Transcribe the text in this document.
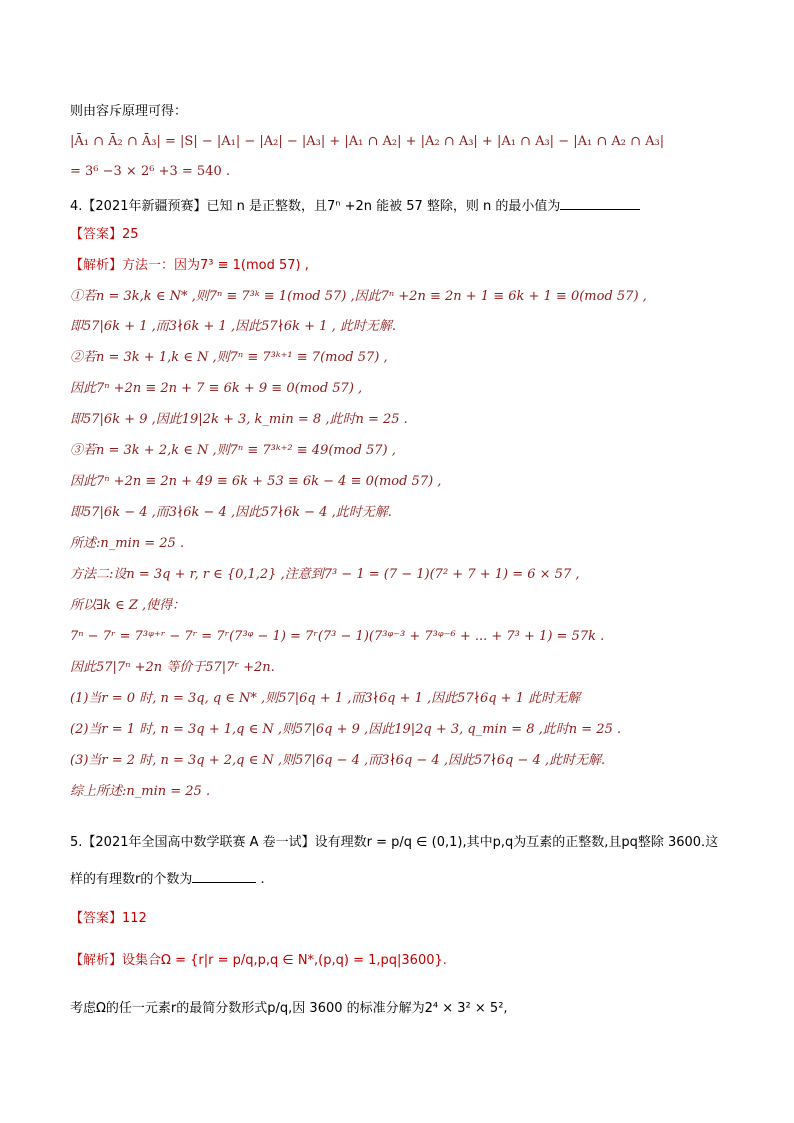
则由容斥原理可得：
|Ā₁ ∩ Ā₂ ∩ Ā₃| = |S| − |A₁| − |A₂| − |A₃| + |A₁ ∩ A₂| + |A₂ ∩ A₃| + |A₁ ∩ A₃| − |A₁ ∩ A₂ ∩ A₃|
= 3⁶ −3 × 2⁶ +3 = 540 .
4.【2021年新疆预赛】已知 n 是正整数，且7ⁿ +2n 能被 57 整除，则 n 的最小值为
【答案】25
【解析】方法一：因为7³ ≡ 1(mod 57) ,
①若n = 3k,k ∈ N* ,则7ⁿ ≡ 7³ᵏ ≡ 1(mod 57) ,因此7ⁿ +2n ≡ 2n + 1 ≡ 6k + 1 ≡ 0(mod 57) ,
即57|6k + 1 ,而3∤6k + 1 ,因此57∤6k + 1 , 此时无解.
②若n = 3k + 1,k ∈ N ,则7ⁿ ≡ 7³ᵏ⁺¹ ≡ 7(mod 57) ,
因此7ⁿ +2n ≡ 2n + 7 ≡ 6k + 9 ≡ 0(mod 57) ,
即57|6k + 9 ,因此19|2k + 3, k_min = 8 ,此时n = 25 .
③若n = 3k + 2,k ∈ N ,则7ⁿ ≡ 7³ᵏ⁺² ≡ 49(mod 57) ,
因此7ⁿ +2n ≡ 2n + 49 ≡ 6k + 53 ≡ 6k − 4 ≡ 0(mod 57) ,
即57|6k − 4 ,而3∤6k − 4 ,因此57∤6k − 4 ,此时无解.
所述:n_min = 25 .
方法二:设n = 3q + r, r ∈ {0,1,2} ,注意到7³ − 1 = (7 − 1)(7² + 7 + 1) = 6 × 57 ,
所以∃k ∈ Z ,使得：
7ⁿ − 7ʳ = 7³ᵠ⁺ʳ − 7ʳ = 7ʳ(7³ᵠ − 1) = 7ʳ(7³ − 1)(7³ᵠ⁻³ + 7³ᵠ⁻⁶ + ... + 7³ + 1) = 57k .
因此57|7ⁿ +2n 等价于57|7ʳ +2n.
(1)当r = 0 时, n = 3q, q ∈ N* ,则57|6q + 1 ,而3∤6q + 1 ,因此57∤6q + 1 此时无解
(2)当r = 1 时, n = 3q + 1,q ∈ N ,则57|6q + 9 ,因此19|2q + 3, q_min = 8 ,此时n = 25 .
(3)当r = 2 时, n = 3q + 2,q ∈ N ,则57|6q − 4 ,而3∤6q − 4 ,因此57∤6q − 4 ,此时无解.
综上所述:n_min = 25 .
5.【2021年全国高中数学联赛 A 卷一试】设有理数r = p/q ∈ (0,1),其中p,q为互素的正整数,且pq整除 3600.这
样的有理数r的个数为	.
【答案】112
【解析】设集合Ω = {r|r = p/q,p,q ∈ N*,(p,q) = 1,pq|3600}.
考虑Ω的任一元素r的最简分数形式p/q,因 3600 的标准分解为2⁴ × 3² × 5²,
